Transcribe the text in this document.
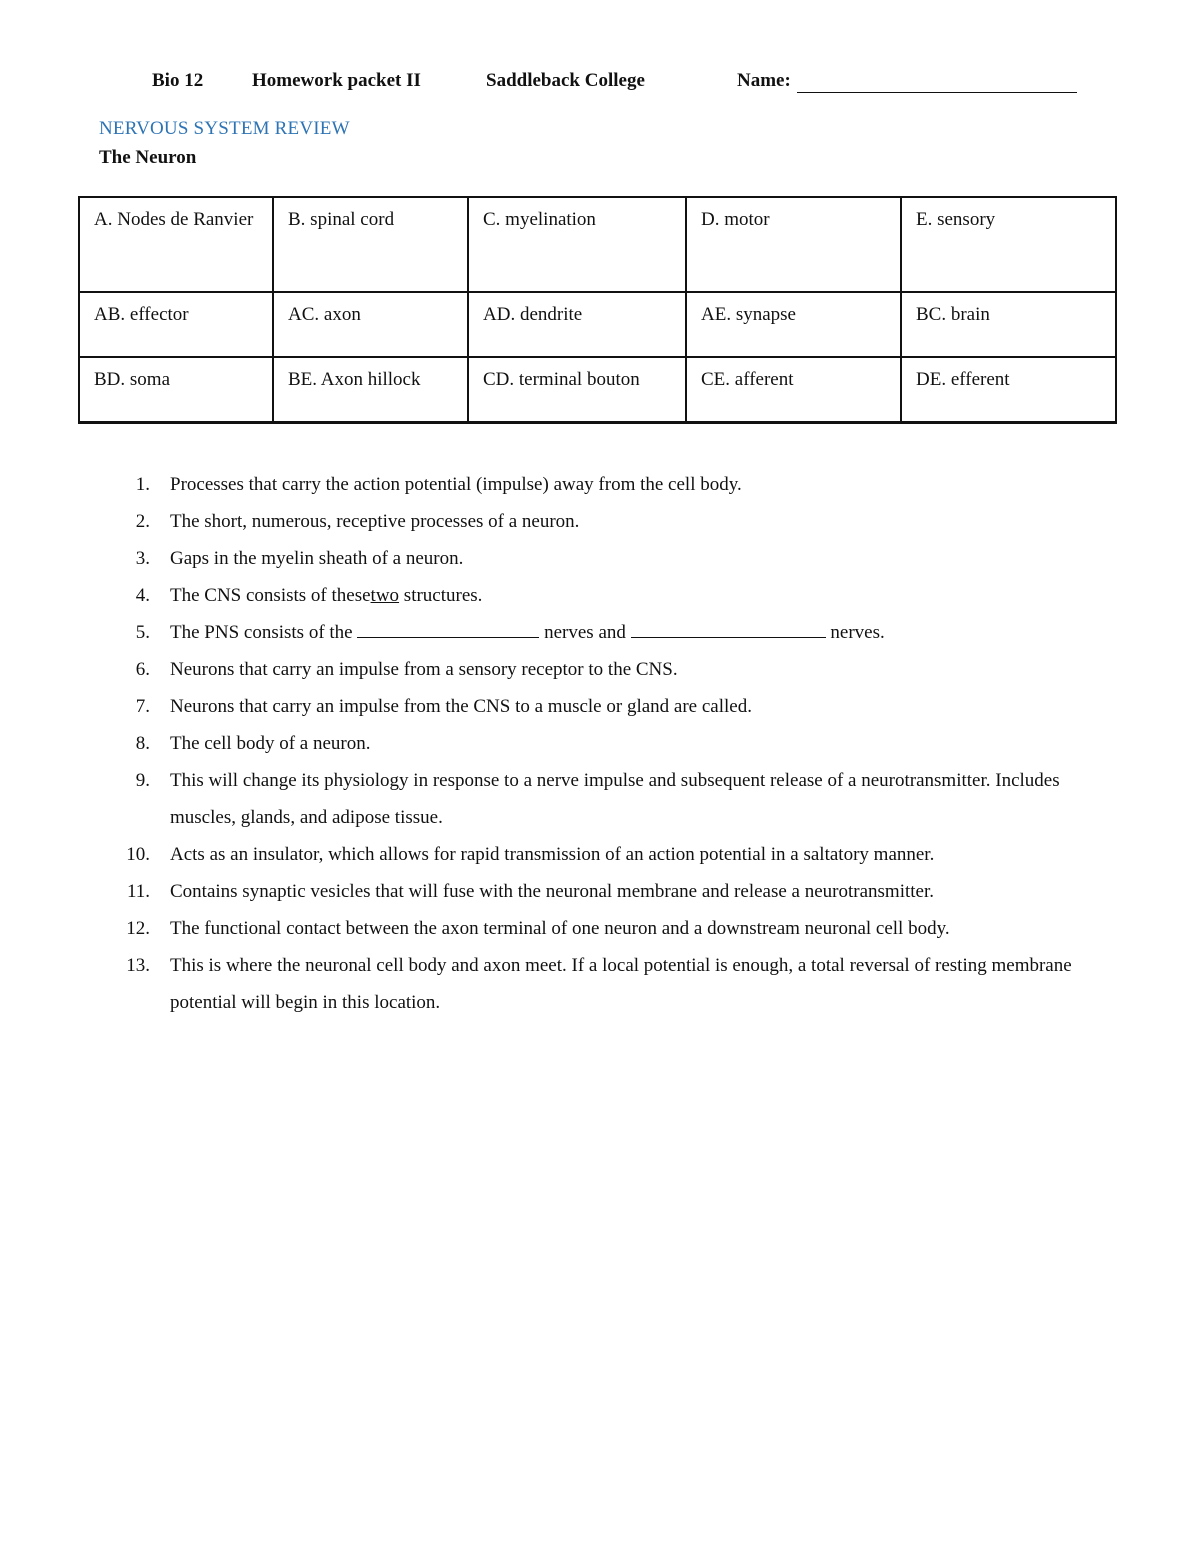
Bio 12	Homework packet II	Saddleback College	Name:
NERVOUS SYSTEM REVIEW
The Neuron
A. Nodes de Ranvier	B. spinal cord	C. myelination	D. motor	E. sensory
AB. effector	AC. axon	AD. dendrite	AE. synapse	BC. brain
BD. soma	BE. Axon hillock	CD. terminal bouton	CE. afferent	DE. efferent
1. Processes that carry the action potential (impulse) away from the cell body.
2. The short, numerous, receptive processes of a neuron.
3. Gaps in the myelin sheath of a neuron.
4. The CNS consists of thesetwo structures.
5. The PNS consists of the	nerves and	nerves.
6. Neurons that carry an impulse from a sensory receptor to the CNS.
7. Neurons that carry an impulse from the CNS to a muscle or gland are called.
8. The cell body of a neuron.
9. This will change its physiology in response to a nerve impulse and subsequent release of a neurotransmitter. Includes muscles, glands, and adipose tissue.
10. Acts as an insulator, which allows for rapid transmission of an action potential in a saltatory manner.
11. Contains synaptic vesicles that will fuse with the neuronal membrane and release a neurotransmitter.
12. The functional contact between the axon terminal of one neuron and a downstream neuronal cell body.
13. This is where the neuronal cell body and axon meet. If a local potential is enough, a total reversal of resting membrane potential will begin in this location.
